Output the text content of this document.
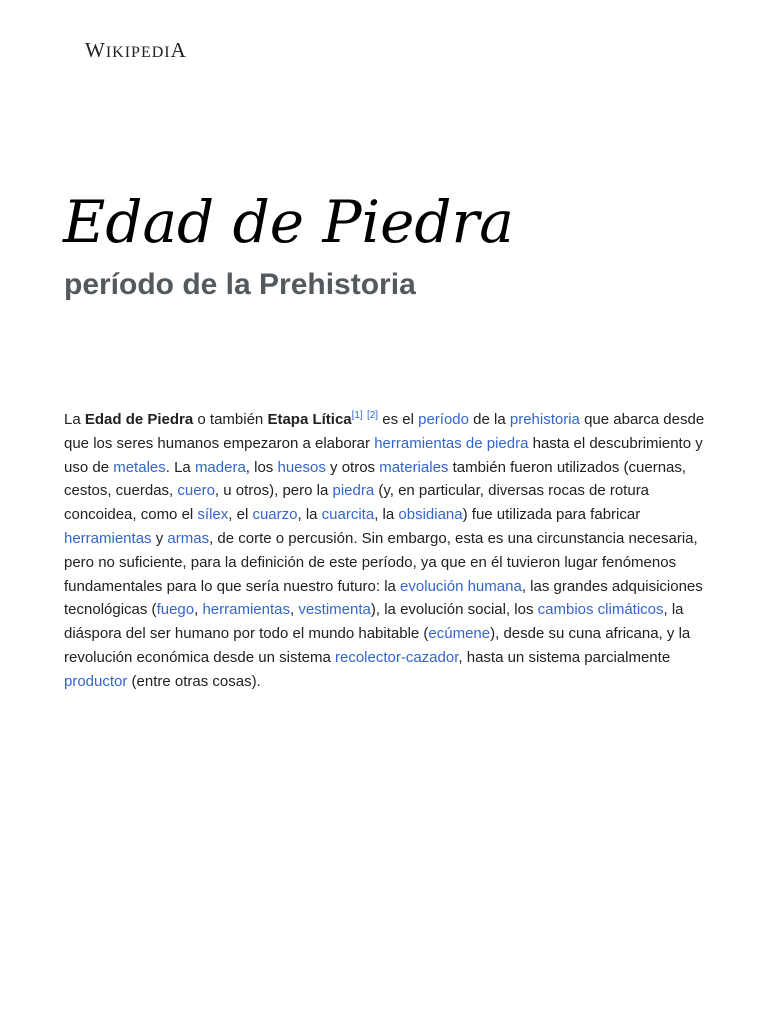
WIKIPEDIA
Edad de Piedra
período de la Prehistoria

La Edad de Piedra o también Etapa Lítica[1] [2] es el período de la prehistoria que abarca desde que los seres humanos empezaron a elaborar herramientas de piedra hasta el descubrimiento y uso de metales. La madera, los huesos y otros materiales también fueron utilizados (cuernas, cestos, cuerdas, cuero, u otros), pero la piedra (y, en particular, diversas rocas de rotura concoidea, como el sílex, el cuarzo, la cuarcita, la obsidiana) fue utilizada para fabricar herramientas y armas, de corte o percusión. Sin embargo, esta es una circunstancia necesaria, pero no suficiente, para la definición de este período, ya que en él tuvieron lugar fenómenos fundamentales para lo que sería nuestro futuro: la evolución humana, las grandes adquisiciones tecnológicas (fuego, herramientas, vestimenta), la evolución social, los cambios climáticos, la diáspora del ser humano por todo el mundo habitable (ecúmene), desde su cuna africana, y la revolución económica desde un sistema recolector-cazador, hasta un sistema parcialmente productor (entre otras cosas).
